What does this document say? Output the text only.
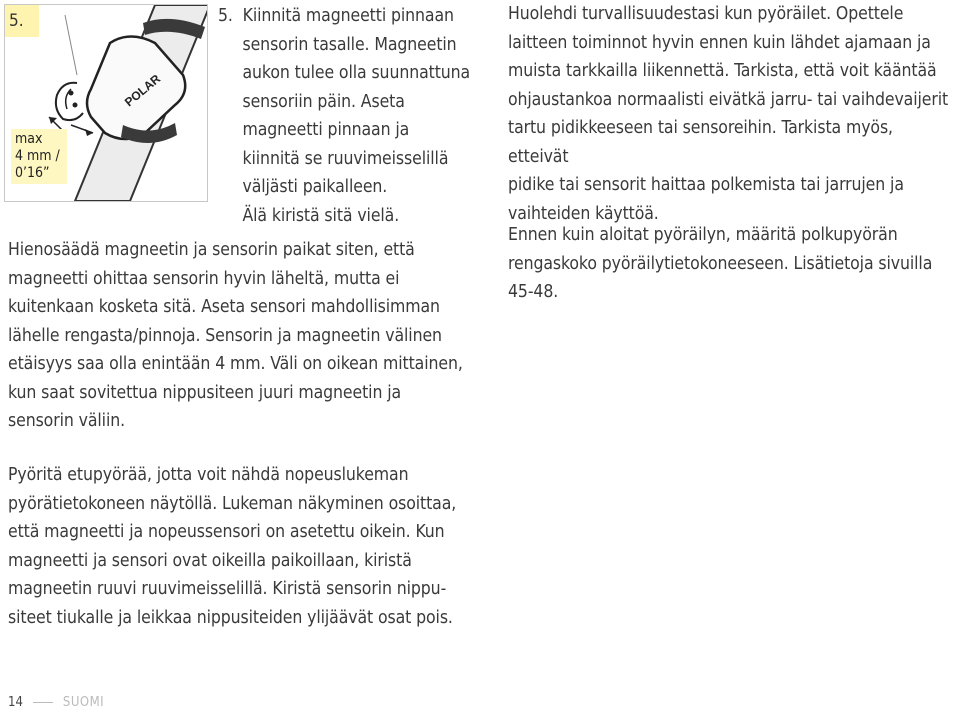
POLAR
5.
max
4 mm /
0’16”
5.  Kiinnitä magneetti pinnaan
sensorin tasalle. Magneetin
aukon tulee olla suunnattuna
sensoriin päin. Aseta
magneetti pinnaan ja
kiinnitä se ruuvimeisselillä
väljästi paikalleen.
Älä kiristä sitä vielä.
Hienosäädä magneetin ja sensorin paikat siten, että
magneetti ohittaa sensorin hyvin läheltä, mutta ei
kuitenkaan kosketa sitä. Aseta sensori mahdollisimman
lähelle rengasta/pinnoja. Sensorin ja magneetin välinen
etäisyys saa olla enintään 4 mm. Väli on oikean mittainen,
kun saat sovitettua nippusiteen juuri magneetin ja
sensorin väliin.
Pyöritä etupyörää, jotta voit nähdä nopeuslukeman
pyörätietokoneen näytöllä. Lukeman näkyminen osoittaa,
että magneetti ja nopeussensori on asetettu oikein. Kun
magneetti ja sensori ovat oikeilla paikoillaan, kiristä
magneetin ruuvi ruuvimeisselillä. Kiristä sensorin nippu-
siteet tiukalle ja leikkaa nippusiteiden ylijäävät osat pois.
Huolehdi turvallisuudestasi kun pyöräilet. Opettele
laitteen toiminnot hyvin ennen kuin lähdet ajamaan ja
muista tarkkailla liikennettä. Tarkista, että voit kääntää
ohjaustankoa normaalisti eivätkä jarru- tai vaihdevaijerit
tartu pidikkeeseen tai sensoreihin. Tarkista myös, etteivät
pidike tai sensorit haittaa polkemista tai jarrujen ja
vaihteiden käyttöä.
Ennen kuin aloitat pyöräilyn, määritä polkupyörän
rengaskoko pyöräilytietokoneeseen. Lisätietoja sivuilla
45-48.
14	SUOMI
